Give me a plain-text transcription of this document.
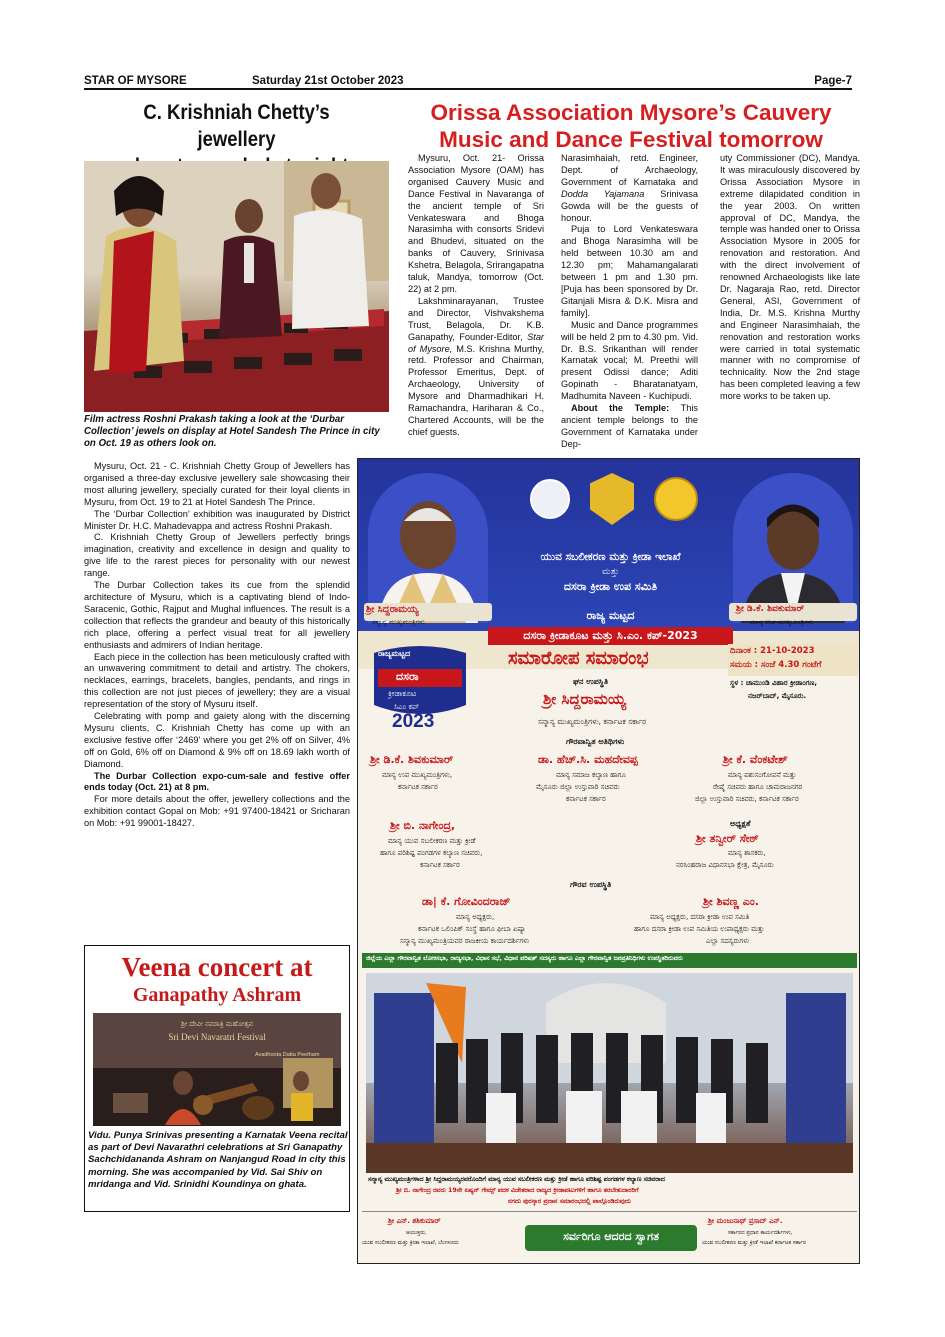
STAR OF MYSORE	Saturday 21st October 2023	Page-7
C. Krishniah Chetty’s jewellery
Orissa Association Mysore’s Cauvery
Music and Dance Festival tomorrow
Film actress Roshni Prakash taking a look at the ‘Durbar Collection’ jewels on display at Hotel Sandesh The Prince in city on Oct. 19 as others look on.

Mysuru, Oct. 21 - C. Krishniah Chetty Group of Jewellers has organised a three-day exclusive jewellery sale showcasing their most alluring jewellery, specially curated for their loyal clients in Mysuru, from Oct. 19 to 21 at Hotel Sandesh The Prince.

The ‘Durbar Collection’ exhibition was inaugurated by District Minister Dr. H.C. Mahadevappa and actress Roshni Prakash.

C. Krishniah Chetty Group of Jewellers perfectly brings imagination, creativity and excellence in design and quality to give life to the rarest pieces for personality with our newest range.

The Durbar Collection takes its cue from the splendid architecture of Mysuru, which is a captivating blend of Indo-Saracenic, Gothic, Rajput and Mughal influences. The result is a collection that reflects the grandeur and beauty of this historically rich place, offering a perfect visual treat for all jewellery enthusiasts and admirers of Indian heritage.

Each piece in the collection has been meticulously crafted with an unwavering commitment to detail and artistry. The chokers, necklaces, earrings, bracelets, bangles, pendants, and rings in this collection are not just pieces of jewellery; they are a visual representation of the story of Mysuru itself.

Celebrating with pomp and gaiety along with the discerning Mysuru clients, C. Krishniah Chetty has come up with an exclusive festive offer ‘2469’ where you get 2% off on Silver, 4% off on Gold, 6% off on Diamond & 9% off on 18.69 lakh worth of Diamond.

The Durbar Collection expo-cum-sale and festive offer ends today (Oct. 21) at 8 pm.

For more details about the offer, jewellery collections and the exhibition contact Gopal on Mob: +91 97400-18421 or Sricharan on Mob: +91 99001-18427.

Mysuru, Oct. 21- Orissa Association Mysore (OAM) has organised Cauvery Music and Dance Festival in Navaranga of the ancient temple of Sri Venkateswara and Bhoga Narasimha with consorts Sridevi and Bhudevi, situated on the banks of Cauvery, Srinivasa Kshetra, Belagola, Srirangapatna taluk, Mandya, tomorrow (Oct. 22) at 2 pm.

Lakshminarayanan, Trustee and Director, Vishvakshema Trust, Belagola, Dr. K.B. Ganapathy, Founder-Editor, Star of Mysore, M.S. Krishna Murthy, retd. Professor and Chairman, Professor Emeritus, Dept. of Archaeology, University of Mysore and Dharmadhikari H. Ramachandra, Hariharan & Co., Chartered Accounts, will be the chief guests.

Narasimhaiah, retd. Engineer, Dept. of Archaeology, Government of Karnataka and Dodda Yajamana Srinivasa Gowda will be the guests of honour.

Puja to Lord Venkateswara and Bhoga Narasimha will be held between 10.30 am and 12.30 pm; Mahamangalarati between 1 pm and 1.30 pm. [Puja has been sponsored by Dr. Gitanjali Misra & D.K. Misra and family].

Music and Dance programmes will be held 2 pm to 4.30 pm. Vid. Dr. B.S. Srikanthan will render Karnatak vocal; M. Preethi will present Odissi dance; Aditi Gopinath - Bharatanatyam, Madhumita Naveen - Kuchipudi.

About the Temple: This ancient temple belongs to the Government of Karnataka under Dep-

uty Commissioner (DC), Mandya. It was miraculously discovered by Orissa Association Mysore in extreme dilapidated condition in the year 2003. On written approval of DC, Mandya, the temple was handed oner to Orissa Association Mysore in 2005 for renovation and restoration. And with the direct involvement of renowned Archaeologists like late Dr. Nagaraja Rao, retd. Director General, ASI, Government of India, Dr. M.S. Krishna Murthy and Engineer Narasimhaiah, the renovation and restoration works were carried in total systematic manner with no compromise of technicality. Now the 2nd stage has been completed leaving a few more works to be taken up.

ಶ್ರೀ ಸಿದ್ದರಾಮಯ್ಯ
ಸನ್ಮಾನ್ಯ ಮುಖ್ಯಮಂತ್ರಿಗಳು
ಶ್ರೀ ಡಿ.ಕೆ. ಶಿವಕುಮಾರ್
ಮಾನ್ಯ ಉಪ ಮುಖ್ಯಮಂತ್ರಿಗಳು
ಯುವ ಸಬಲೀಕರಣ ಮತ್ತು ಕ್ರೀಡಾ ಇಲಾಖೆ
ಮತ್ತು
ದಸರಾ ಕ್ರೀಡಾ ಉಪ ಸಮಿತಿ
ರಾಜ್ಯ ಮಟ್ಟದ
ದಸರಾ ಕ್ರೀಡಾಕೂಟ ಮತ್ತು ಸಿ.ಎಂ. ಕಪ್-2023
ರಾಜ್ಯಮಟ್ಟದ
ದಸರಾ
ಕ್ರೀಡಾಕೂಟ
ಸಿಎಂ ಕಪ್
2023
ಸಮಾರೋಪ ಸಮಾರಂಭ	ದಿನಾಂಕ : 21-10-2023
ಸಮಯ : ಸಂಜೆ 4.30 ಗಂಟೆಗೆ
ಸ್ಥಳ : ಚಾಮುಂಡಿ ವಿಹಾರ ಕ್ರೀಡಾಂಗಣ,
ನಜರ್‌ಬಾದ್, ಮೈಸೂರು.
ಘನ ಉಪಸ್ಥಿತಿ
ಶ್ರೀ ಸಿದ್ದರಾಮಯ್ಯ
ಸನ್ಮಾನ್ಯ ಮುಖ್ಯಮಂತ್ರಿಗಳು, ಕರ್ನಾಟಕ ಸರ್ಕಾರ
ಗೌರವಾನ್ವಿತ ಅತಿಥಿಗಳು
ಶ್ರೀ ಡಿ.ಕೆ. ಶಿವಕುಮಾರ್
ಮಾನ್ಯ ಉಪ ಮುಖ್ಯಮಂತ್ರಿಗಳು,
ಕರ್ನಾಟಕ ಸರ್ಕಾರ
ಡಾ. ಹೆಚ್.ಸಿ. ಮಹದೇವಪ್ಪ
ಮಾನ್ಯ ಸಮಾಜ ಕಲ್ಯಾಣ ಹಾಗೂ
ಮೈಸೂರು ಜಿಲ್ಲಾ ಉಸ್ತುವಾರಿ ಸಚಿವರು
ಕರ್ನಾಟಕ ಸರ್ಕಾರ
ಶ್ರೀ ಕೆ. ವೆಂಕಟೇಶ್
ಮಾನ್ಯ ಪಶುಸಂಗೋಪನೆ ಮತ್ತು
ರೇಷ್ಮೆ ಸಚಿವರು ಹಾಗೂ ಚಾಮರಾಜನಗರ
ಜಿಲ್ಲಾ ಉಸ್ತುವಾರಿ ಸಚಿವರು, ಕರ್ನಾಟಕ ಸರ್ಕಾರ
ಶ್ರೀ ಬಿ. ನಾಗೇಂದ್ರ,
ಮಾನ್ಯ ಯುವ ಸಬಲೀಕರಣ ಮತ್ತು ಕ್ರೀಡೆ
ಹಾಗೂ ಪರಿಶಿಷ್ಟ ಪಂಗಡಗಳ ಕಲ್ಯಾಣ ಸಚಿವರು,
ಕರ್ನಾಟಕ ಸರ್ಕಾರ
ಅಧ್ಯಕ್ಷತೆ
ಶ್ರೀ ತನ್ವೀರ್ ಸೇಠ್
ಮಾನ್ಯ ಶಾಸಕರು,
ನರಸಿಂಹರಾಜ ವಿಧಾನಸಭಾ ಕ್ಷೇತ್ರ, ಮೈಸೂರು
ಗೌರವ ಉಪಸ್ಥಿತಿ
ಡಾ| ಕೆ. ಗೋವಿಂದರಾಜ್
ಮಾನ್ಯ ಅಧ್ಯಕ್ಷರು,
ಕರ್ನಾಟಕ ಒಲಿಂಪಿಕ್ ಸಂಸ್ಥೆ ಹಾಗೂ ಫೀಬಾ ಏಷ್ಯಾ
ಸನ್ಮಾನ್ಯ ಮುಖ್ಯಮಂತ್ರಿಯವರ ರಾಜಕೀಯ ಕಾರ್ಯದರ್ಶಿಗಳು
ಶ್ರೀ ಶಿವಣ್ಣ ಎಂ.
ಮಾನ್ಯ ಅಧ್ಯಕ್ಷರು, ದಸರಾ ಕ್ರೀಡಾ ಉಪ ಸಮಿತಿ
ಹಾಗೂ ದಸರಾ ಕ್ರೀಡಾ ಉಪ ಸಮಿತಿಯ ಉಪಾಧ್ಯಕ್ಷರು ಮತ್ತು
ಎಲ್ಲಾ ಸದಸ್ಯರುಗಳು
ಜಿಲ್ಲೆಯ ಎಲ್ಲಾ ಗೌರವಾನ್ವಿತ ಲೋಕಸಭಾ, ರಾಜ್ಯಸಭಾ, ವಿಧಾನ ಸಭೆ, ವಿಧಾನ ಪರಿಷತ್ ಸದಸ್ಯರು ಹಾಗೂ ಎಲ್ಲಾ ಗೌರವಾನ್ವಿತ ಜನಪ್ರತಿನಿಧಿಗಳು ಉಪಸ್ಥಿತರಿರುವರು
ಸನ್ಮಾನ್ಯ ಮುಖ್ಯಮಂತ್ರಿಗಳಾದ ಶ್ರೀ ಸಿದ್ದರಾಮಯ್ಯರವರೊಂದಿಗೆ ಮಾನ್ಯ ಯುವ ಸಬಲೀಕರಣ ಮತ್ತು ಕ್ರೀಡೆ ಹಾಗೂ ಪರಿಶಿಷ್ಟ ಪಂಗಡಗಳ ಕಲ್ಯಾಣ ಸಚಿವರಾದ
ಶ್ರೀ ಬಿ. ನಾಗೇಂದ್ರ ರವರು 19ನೇ ಏಷ್ಯನ್ ಗೇಮ್ಸ್ ಪದಕ ವಿಜೇತರಾದ ರಾಜ್ಯದ ಕ್ರೀಡಾಪಟುಗಳಿಗೆ ಹಾಗೂ ತರಬೇತುದಾರರಿಗೆ
ನಗದು ಪುರಸ್ಕಾರ ಪ್ರದಾನ ಸಮಾರಂಭದಲ್ಲಿ ಪಾಲ್ಗೊಂಡಿರುವುದು
ಶ್ರೀ ಎನ್. ಶಶಿಕುಮಾರ್
ಆಯುಕ್ತರು,
ಯುವ ಸಬಲೀಕರಣ ಮತ್ತು ಕ್ರೀಡಾ ಇಲಾಖೆ, ಬೆಂಗಳೂರು	ಸರ್ವರಿಗೂ ಆದರದ ಸ್ವಾಗತ
ಶ್ರೀ ಮಂಜುನಾಥ್ ಪ್ರಸಾದ್ ಎನ್.
ಸರ್ಕಾರದ ಪ್ರಧಾನ ಕಾರ್ಯದರ್ಶಿಗಳು,
ಯುವ ಸಬಲೀಕರಣ ಮತ್ತು ಕ್ರೀಡೆ ಇಲಾಖೆ ಕರ್ನಾಟಕ ಸರ್ಕಾರ
Veena concert at
Ganapathy Ashram
ಶ್ರೀ ದೇವೀ ನವರಾತ್ರಿ ಮಹೋತ್ಸವ
Sri Devi Navaratri Festival
Avadhoota Datta Peetham
Vidu. Punya Srinivas presenting a Karnatak Veena recital as part of Devi Navarathri celebrations at Sri Ganapathy Sachchidananda Ashram on Nanjangud Road in city this morning. She was accompanied by Vid. Sai Shiv on mridanga and Vid. Srinidhi Koundinya on ghata.
